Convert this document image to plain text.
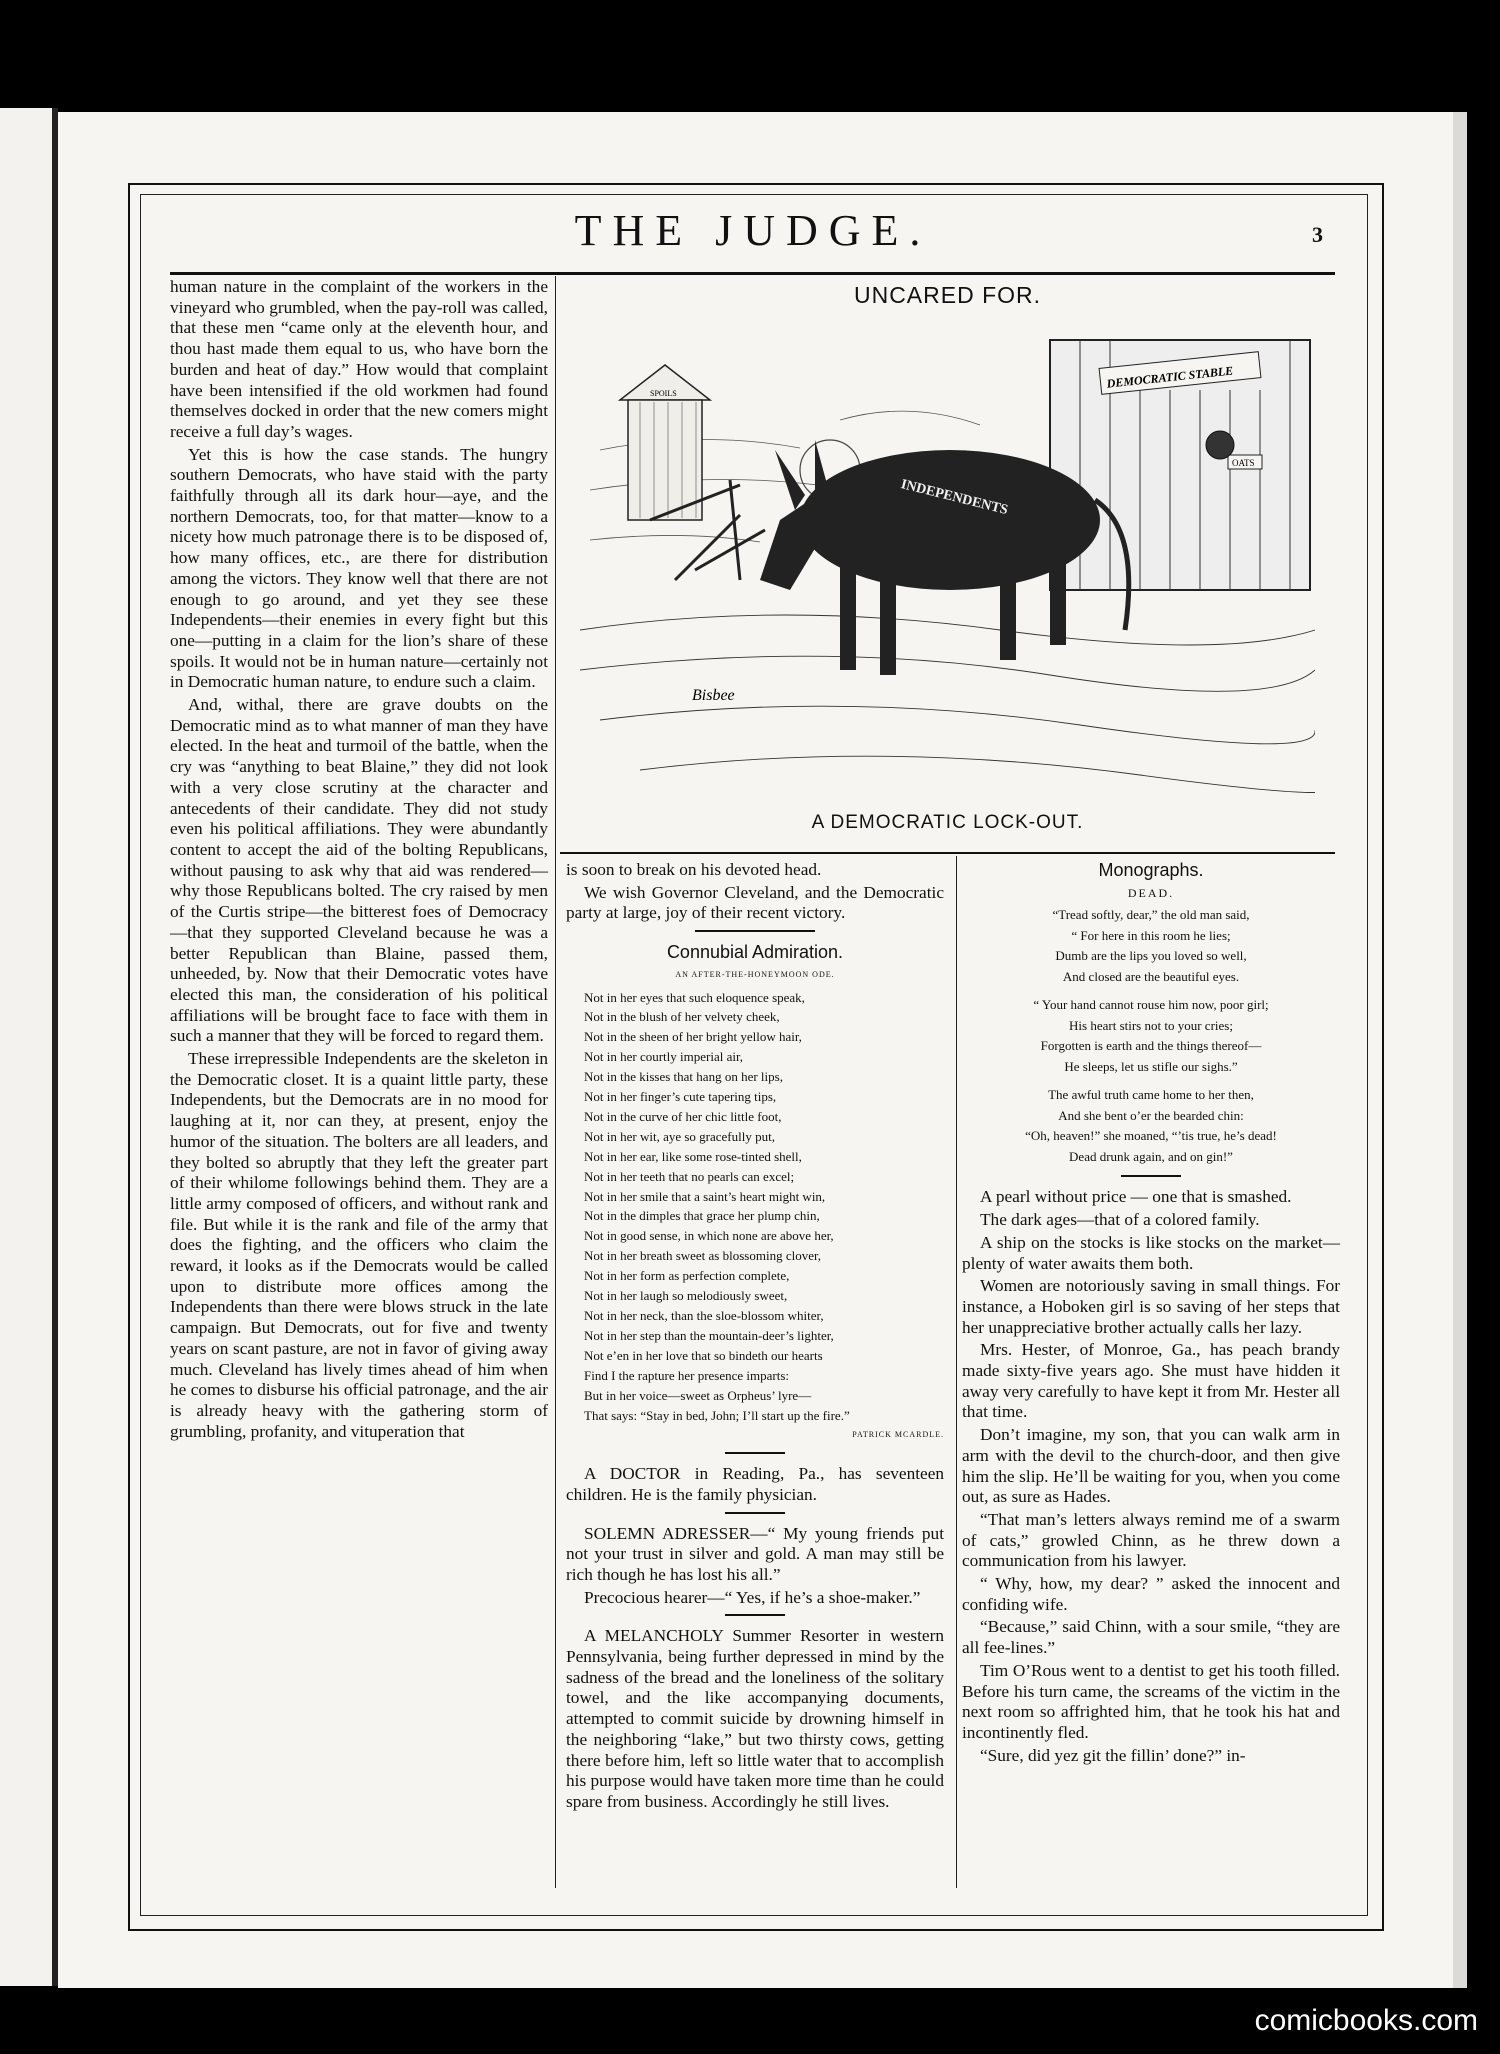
THE JUDGE.	3

human nature in the complaint of the workers in the vineyard who grumbled, when the pay-roll was called, that these men “came only at the eleventh hour, and thou hast made them equal to us, who have born the burden and heat of day.” How would that complaint have been intensified if the old workmen had found themselves docked in order that the new comers might receive a full day’s wages.

Yet this is how the case stands. The hungry southern Democrats, who have staid with the party faithfully through all its dark hour—aye, and the northern Democrats, too, for that matter—know to a nicety how much patronage there is to be disposed of, how many offices, etc., are there for distribution among the victors. They know well that there are not enough to go around, and yet they see these Independents—their enemies in every fight but this one—putting in a claim for the lion’s share of these spoils. It would not be in human nature—certainly not in Democratic human nature, to endure such a claim.

And, withal, there are grave doubts on the Democratic mind as to what manner of man they have elected. In the heat and turmoil of the battle, when the cry was “anything to beat Blaine,” they did not look with a very close scrutiny at the character and antecedents of their candidate. They did not study even his political affiliations. They were abundantly content to accept the aid of the bolting Republicans, without pausing to ask why that aid was rendered—why those Republicans bolted. The cry raised by men of the Curtis stripe—the bitterest foes of Democracy—that they supported Cleveland because he was a better Republican than Blaine, passed them, unheeded, by. Now that their Democratic votes have elected this man, the consideration of his political affiliations will be brought face to face with them in such a manner that they will be forced to regard them.

These irrepressible Independents are the skeleton in the Democratic closet. It is a quaint little party, these Independents, but the Democrats are in no mood for laughing at it, nor can they, at present, enjoy the humor of the situation. The bolters are all leaders, and they bolted so abruptly that they left the greater part of their whilome followings behind them. They are a little army composed of officers, and without rank and file. But while it is the rank and file of the army that does the fighting, and the officers who claim the reward, it looks as if the Democrats would be called upon to distribute more offices among the Independents than there were blows struck in the late campaign. But Democrats, out for five and twenty years on scant pasture, are not in favor of giving away much. Cleveland has lively times ahead of him when he comes to disburse his official patronage, and the air is already heavy with the gathering storm of grumbling, profanity, and vituperation that

UNCARED FOR.
DEMOCRATIC STABLE
OATS
SPOILS
INDEPENDENTS
Bisbee
A DEMOCRATIC LOCK-OUT.

is soon to break on his devoted head.

We wish Governor Cleveland, and the Democratic party at large, joy of their recent victory.

Connubial Admiration.

AN AFTER-THE-HONEYMOON ODE.

Not in her eyes that such eloquence speak,
Not in the blush of her velvety cheek,
Not in the sheen of her bright yellow hair,
Not in her courtly imperial air,
Not in the kisses that hang on her lips,
Not in her finger’s cute tapering tips,
Not in the curve of her chic little foot,
Not in her wit, aye so gracefully put,
Not in her ear, like some rose-tinted shell,
Not in her teeth that no pearls can excel;
Not in her smile that a saint’s heart might win,
Not in the dimples that grace her plump chin,
Not in good sense, in which none are above her,
Not in her breath sweet as blossoming clover,
Not in her form as perfection complete,
Not in her laugh so melodiously sweet,
Not in her neck, than the sloe-blossom whiter,
Not in her step than the mountain-deer’s lighter,
Not e’en in her love that so bindeth our hearts
Find I the rapture her presence imparts:
But in her voice—sweet as Orpheus’ lyre—
That says: “Stay in bed, John; I’ll start up the fire.”

PATRICK MCARDLE.

A DOCTOR in Reading, Pa., has seventeen children. He is the family physician.

SOLEMN ADRESSER—“ My young friends put not your trust in silver and gold. A man may still be rich though he has lost his all.”

Precocious hearer—“ Yes, if he’s a shoe-maker.”

A MELANCHOLY Summer Resorter in western Pennsylvania, being further depressed in mind by the sadness of the bread and the loneliness of the solitary towel, and the like accompanying documents, attempted to commit suicide by drowning himself in the neighboring “lake,” but two thirsty cows, getting there before him, left so little water that to accomplish his purpose would have taken more time than he could spare from business. Accordingly he still lives.

Monographs.

DEAD.

“Tread softly, dear,” the old man said,
“ For here in this room he lies;
Dumb are the lips you loved so well,
And closed are the beautiful eyes.
“ Your hand cannot rouse him now, poor girl;
His heart stirs not to your cries;
Forgotten is earth and the things thereof—
He sleeps, let us stifle our sighs.”
The awful truth came home to her then,
And she bent o’er the bearded chin:
“Oh, heaven!” she moaned, “’tis true, he’s dead!
Dead drunk again, and on gin!”

A pearl without price — one that is smashed.

The dark ages—that of a colored family.

A ship on the stocks is like stocks on the market—plenty of water awaits them both.

Women are notoriously saving in small things. For instance, a Hoboken girl is so saving of her steps that her unappreciative brother actually calls her lazy.

Mrs. Hester, of Monroe, Ga., has peach brandy made sixty-five years ago. She must have hidden it away very carefully to have kept it from Mr. Hester all that time.

Don’t imagine, my son, that you can walk arm in arm with the devil to the church-door, and then give him the slip. He’ll be waiting for you, when you come out, as sure as Hades.

“That man’s letters always remind me of a swarm of cats,” growled Chinn, as he threw down a communication from his lawyer.

“ Why, how, my dear? ” asked the innocent and confiding wife.

“Because,” said Chinn, with a sour smile, “they are all fee-lines.”

Tim O’Rous went to a dentist to get his tooth filled. Before his turn came, the screams of the victim in the next room so affrighted him, that he took his hat and incontinently fled.

“Sure, did yez git the fillin’ done?” in-

comicbooks.com
